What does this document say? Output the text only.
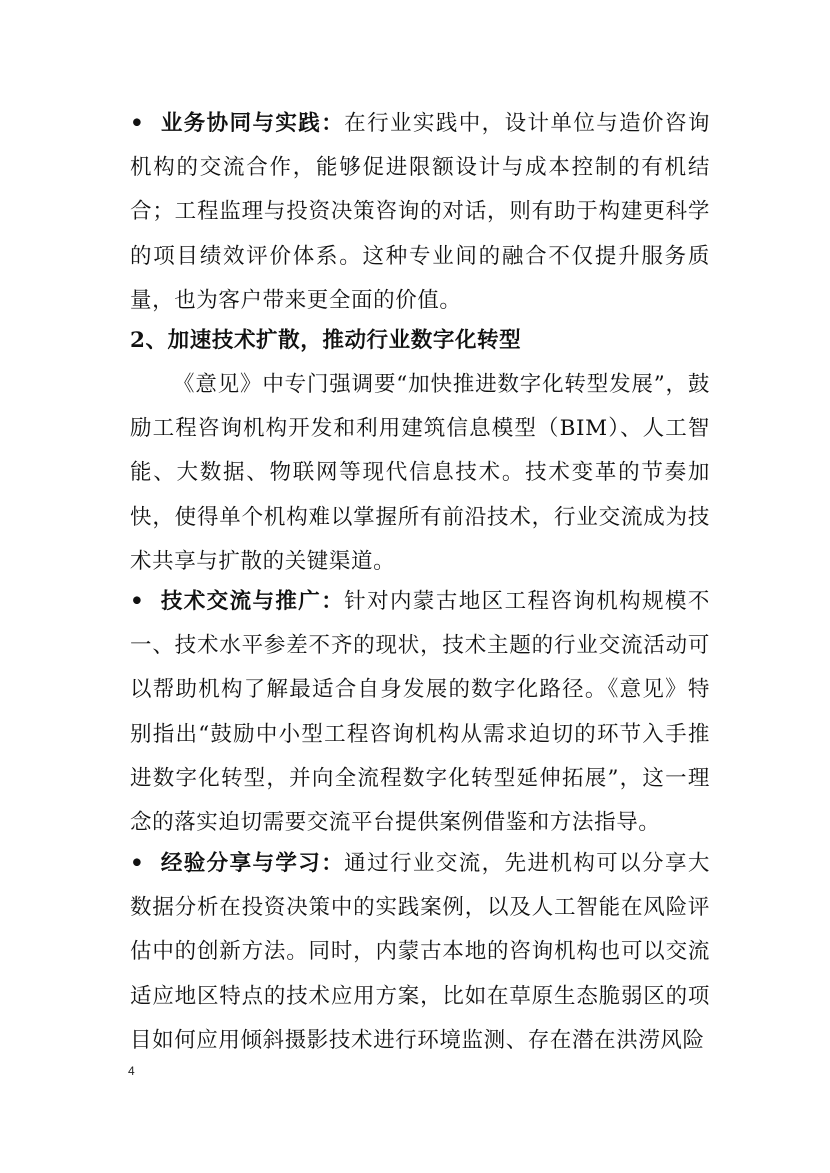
• 业务协同与实践：在行业实践中，设计单位与造价咨询机构的交流合作，能够促进限额设计与成本控制的有机结合；工程监理与投资决策咨询的对话，则有助于构建更科学的项目绩效评价体系。这种专业间的融合不仅提升服务质量，也为客户带来更全面的价值。
2、加速技术扩散，推动行业数字化转型
《意见》中专门强调要“加快推进数字化转型发展”，鼓励工程咨询机构开发和利用建筑信息模型（BIM）、人工智能、大数据、物联网等现代信息技术。技术变革的节奏加快，使得单个机构难以掌握所有前沿技术，行业交流成为技术共享与扩散的关键渠道。
• 技术交流与推广：针对内蒙古地区工程咨询机构规模不一、技术水平参差不齐的现状，技术主题的行业交流活动可以帮助机构了解最适合自身发展的数字化路径。《意见》特别指出“鼓励中小型工程咨询机构从需求迫切的环节入手推进数字化转型，并向全流程数字化转型延伸拓展”，这一理念的落实迫切需要交流平台提供案例借鉴和方法指导。
• 经验分享与学习：通过行业交流，先进机构可以分享大数据分析在投资决策中的实践案例，以及人工智能在风险评估中的创新方法。同时，内蒙古本地的咨询机构也可以交流适应地区特点的技术应用方案，比如在草原生态脆弱区的项目如何应用倾斜摄影技术进行环境监测、存在潜在洪涝风险
4
